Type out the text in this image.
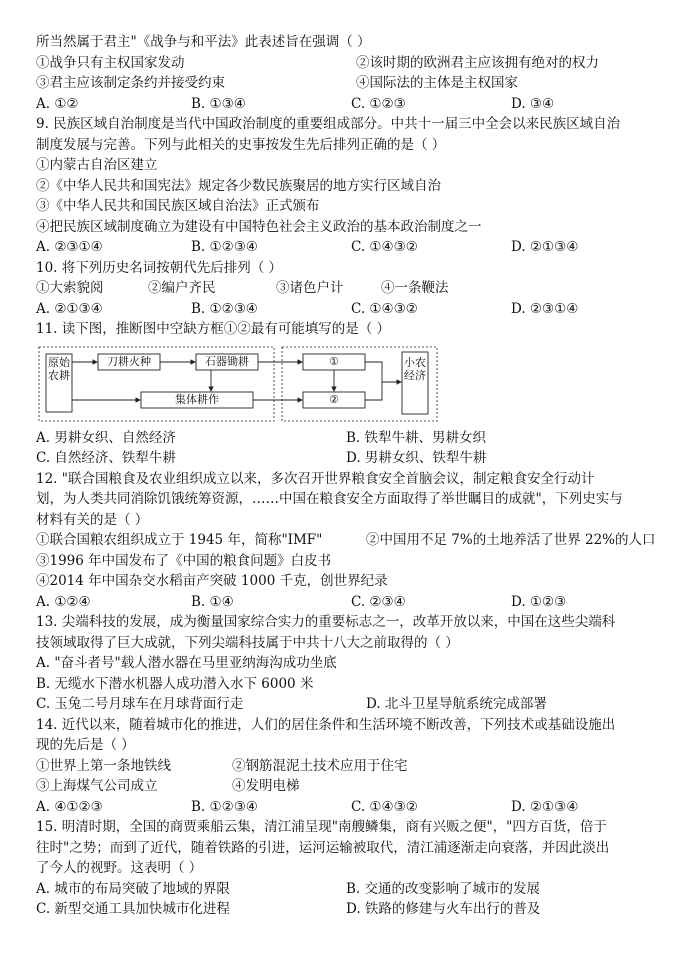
所当然属于君主"《战争与和平法》此表述旨在强调（ ）
①战争只有主权国家发动	②该时期的欧洲君主应该拥有绝对的权力
③君主应该制定条约并接受约束	④国际法的主体是主权国家
A. ①②	B. ①③④	C. ①②③	D. ③④
9. 民族区域自治制度是当代中国政治制度的重要组成部分。中共十一届三中全会以来民族区域自治
制度发展与完善。下列与此相关的史事按发生先后排列正确的是（ ）
①内蒙古自治区建立
②《中华人民共和国宪法》规定各少数民族聚居的地方实行区域自治
③《中华人民共和国民族区域自治法》正式颁布
④把民族区域制度确立为建设有中国特色社会主义政治的基本政治制度之一
A. ②③①④	B. ①②③④	C. ①④③②	D. ②①③④
10. 将下列历史名词按朝代先后排列（ ）
①大索貌阅	②编户齐民	③诸色户计	④一条鞭法
A. ②①③④	B. ①②③④	C. ①④③②	D. ②③①④
11. 读下图，推断图中空缺方框①②最有可能填写的是（ ）
原始农耕
刀耕火种	石器锄耕
集体耕作
①
②
小农经济
A. 男耕女织、自然经济	B. 铁犁牛耕、男耕女织
C. 自然经济、铁犁牛耕	D. 男耕女织、铁犁牛耕
12. "联合国粮食及农业组织成立以来，多次召开世界粮食安全首脑会议，制定粮食安全行动计
划，为人类共同消除饥饿统筹资源，……中国在粮食安全方面取得了举世瞩目的成就"，下列史实与
材料有关的是（ ）
①联合国粮农组织成立于 1945 年，简称"IMF"	②中国用不足 7%的土地养活了世界 22%的人口
③1996 年中国发布了《中国的粮食问题》白皮书
④2014 年中国杂交水稻亩产突破 1000 千克，创世界纪录
A. ①②④	B. ①④	C. ②③④	D. ①②③
13. 尖端科技的发展，成为衡量国家综合实力的重要标志之一，改革开放以来，中国在这些尖端科
技领域取得了巨大成就，下列尖端科技属于中共十八大之前取得的（ ）
A. "奋斗者号"载人潜水器在马里亚纳海沟成功坐底
B. 无缆水下潜水机器人成功潜入水下 6000 米
C. 玉兔二号月球车在月球背面行走	D. 北斗卫星导航系统完成部署
14. 近代以来，随着城市化的推进，人们的居住条件和生活环境不断改善，下列技术或基础设施出
现的先后是（ ）
①世界上第一条地铁线	②钢筋混泥土技术应用于住宅
③上海煤气公司成立	④发明电梯
A. ④①②③	B. ①②③④	C. ①④③②	D. ②①③④
15. 明清时期，全国的商贾乘船云集，清江浦呈现"南艘鳞集，商有兴贩之便"，"四方百货，倍于
往时"之势；而到了近代，随着铁路的引进，运河运输被取代，清江浦逐渐走向衰落，并因此淡出
了今人的视野。这表明（ ）
A. 城市的布局突破了地域的界限	B. 交通的改变影响了城市的发展
C. 新型交通工具加快城市化进程	D. 铁路的修建与火车出行的普及
